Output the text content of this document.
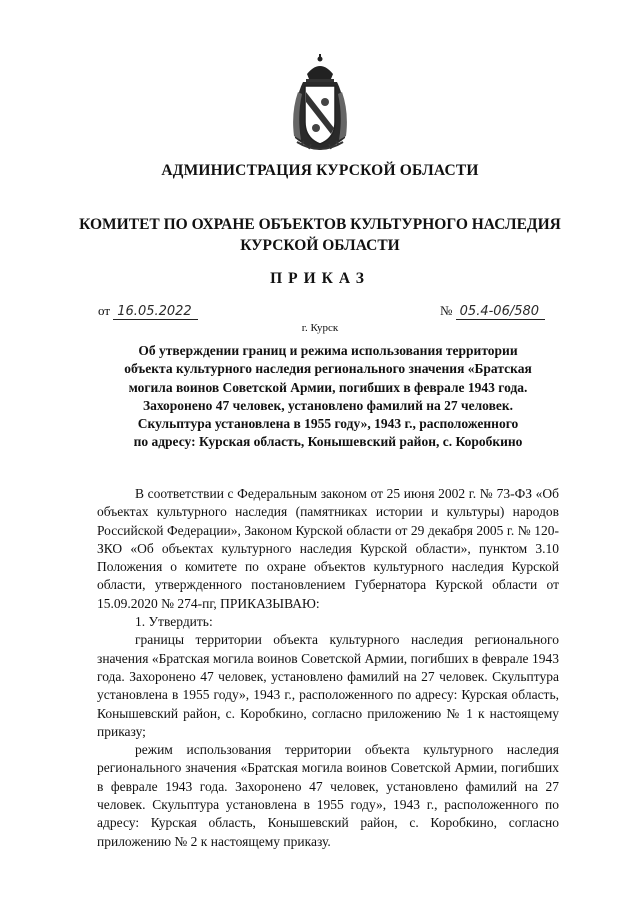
АДМИНИСТРАЦИЯ КУРСКОЙ ОБЛАСТИ
КОМИТЕТ ПО ОХРАНЕ ОБЪЕКТОВ КУЛЬТУРНОГО НАСЛЕДИЯ
КУРСКОЙ ОБЛАСТИ
ПРИКАЗ
от 16.05.2022	№ 05.4-06/580
г. Курск
Об утверждении границ и режима использования территории
объекта культурного наследия регионального значения «Братская
могила воинов Советской Армии, погибших в феврале 1943 года.
Захоронено 47 человек, установлено фамилий на 27 человек.
Скульптура установлена в 1955 году», 1943 г., расположенного
по адресу: Курская область, Конышевский район, с. Коробкино

В соответствии с Федеральным законом от 25 июня 2002 г. № 73-ФЗ «Об объектах культурного наследия (памятниках истории и культуры) народов Российской Федерации», Законом Курской области от 29 декабря 2005 г. № 120-ЗКО «Об объектах культурного наследия Курской области», пунктом 3.10 Положения о комитете по охране объектов культурного наследия Курской области, утвержденного постановлением Губернатора Курской области от 15.09.2020 № 274-пг, ПРИКАЗЫВАЮ:

1. Утвердить:

границы территории объекта культурного наследия регионального значения «Братская могила воинов Советской Армии, погибших в феврале 1943 года. Захоронено 47 человек, установлено фамилий на 27 человек. Скульптура установлена в 1955 году», 1943 г., расположенного по адресу: Курская область, Конышевский район, с. Коробкино, согласно приложению № 1 к настоящему приказу;

режим использования территории объекта культурного наследия регионального значения «Братская могила воинов Советской Армии, погибших в феврале 1943 года. Захоронено 47 человек, установлено фамилий на 27 человек. Скульптура установлена в 1955 году», 1943 г., расположенного по адресу: Курская область, Конышевский район, с. Коробкино, согласно приложению № 2 к настоящему приказу.
